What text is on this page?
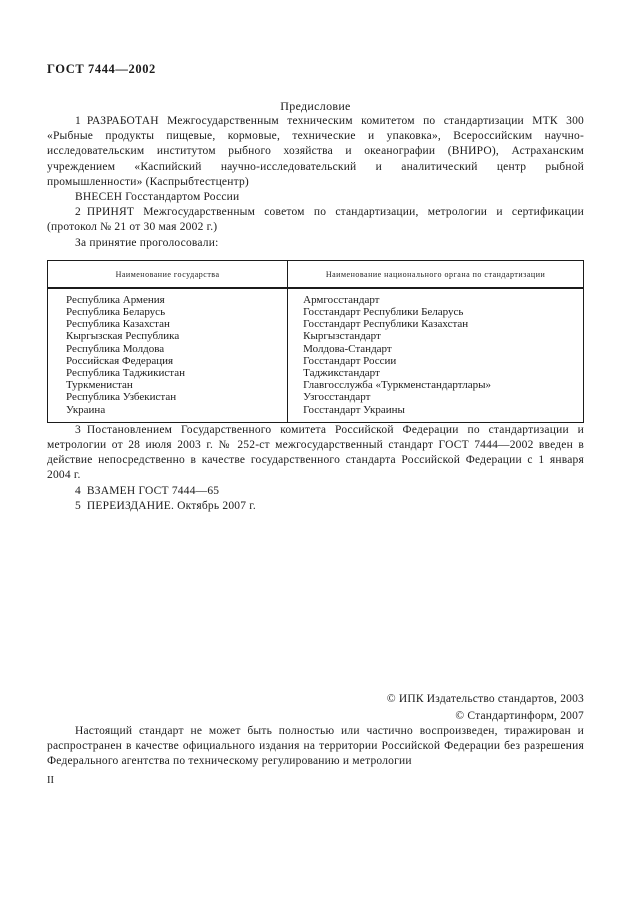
ГОСТ 7444—2002
Предисловие

1 РАЗРАБОТАН Межгосударственным техническим комитетом по стандартизации МТК 300 «Рыбные продукты пищевые, кормовые, технические и упаковка», Всероссийским научно-исследовательским институтом рыбного хозяйства и океанографии (ВНИРО), Астраханским учреждением «Каспийский научно-исследовательский и аналитический центр рыбной промышленности» (Каспрыбтестцентр)

ВНЕСЕН Госстандартом России

2 ПРИНЯТ Межгосударственным советом по стандартизации, метрологии и сертификации (протокол № 21 от 30 мая 2002 г.)

За принятие проголосовали:

Наименование государства	Наименование национального органа по стандартизации
Республика Армения	Армгосстандарт
Республика Беларусь	Госстандарт Республики Беларусь
Республика Казахстан	Госстандарт Республики Казахстан
Кыргызская Республика	Кыргызстандарт
Республика Молдова	Молдова-Стандарт
Российская Федерация	Госстандарт России
Республика Таджикистан	Таджикстандарт
Туркменистан	Главгосслужба «Туркменстандартлары»
Республика Узбекистан	Узгосстандарт
Украина	Госстандарт Украины

3 Постановлением Государственного комитета Российской Федерации по стандартизации и метрологии от 28 июля 2003 г. № 252-ст межгосударственный стандарт ГОСТ 7444—2002 введен в действие непосредственно в качестве государственного стандарта Российской Федерации с 1 января 2004 г.

4 ВЗАМЕН ГОСТ 7444—65

5 ПЕРЕИЗДАНИЕ. Октябрь 2007 г.

© ИПК Издательство стандартов, 2003
© Стандартинформ, 2007

Настоящий стандарт не может быть полностью или частично воспроизведен, тиражирован и распространен в качестве официального издания на территории Российской Федерации без разрешения Федерального агентства по техническому регулированию и метрологии

II
